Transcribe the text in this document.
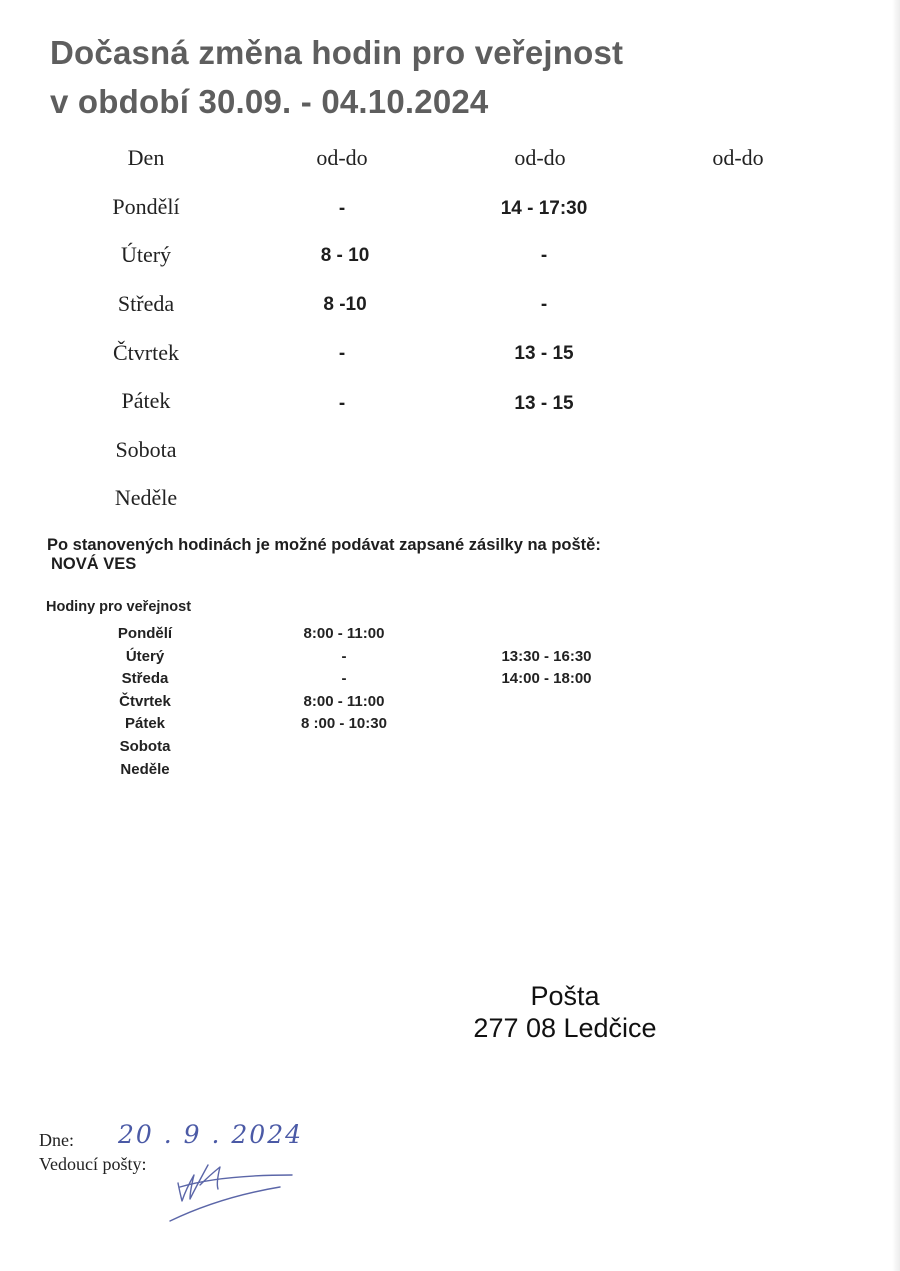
Dočasná změna hodin pro veřejnost
v období 30.09. - 04.10.2024
Den	od-do	od-do	od-do
Pondělí	-	14 - 17:30
Úterý	8 - 10	-
Středa	8 -10	-
Čtvrtek	-	13 - 15
Pátek	-	13 - 15
Sobota
Neděle
Po stanovených hodinách je možné podávat zapsané zásilky na poště:
NOVÁ VES
Hodiny pro veřejnost
Pondělí	8:00 - 11:00
Úterý	-	13:30 - 16:30
Středa	-	14:00 - 18:00
Čtvrtek	8:00 - 11:00
Pátek	8 :00 - 10:30
Sobota
Neděle
Pošta
277 08 Ledčice
Dne: 20 . 9 . 2024
Vedoucí pošty:
